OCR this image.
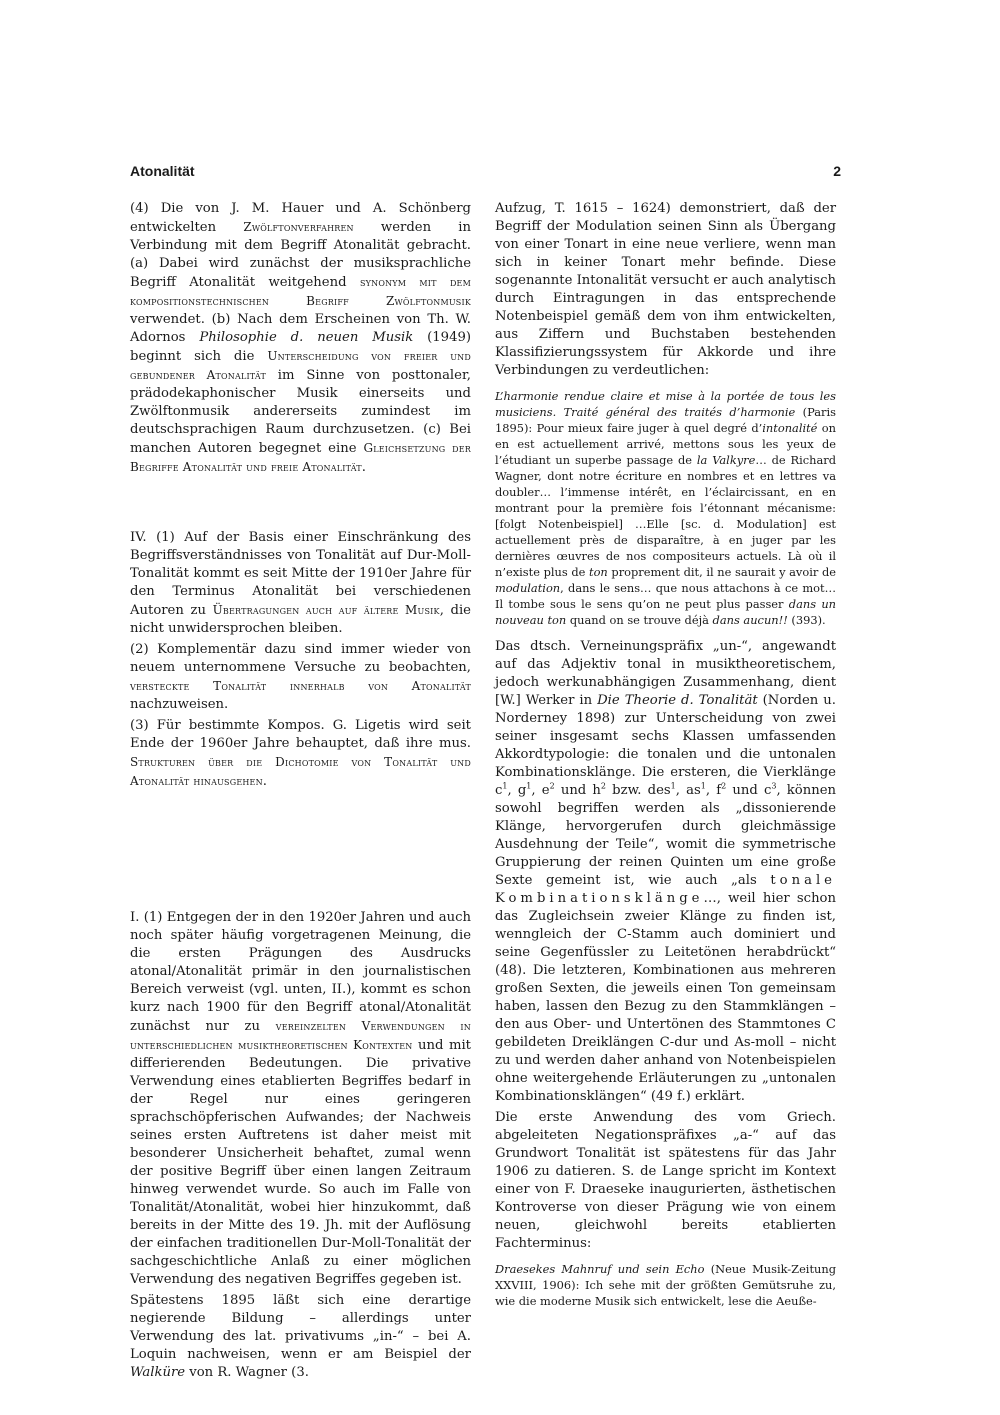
Atonalität	2

(4) Die von J. M. Hauer und A. Schönberg entwickelten Zwölftonverfahren werden in Verbindung mit dem Begriff Atonalität gebracht. (a) Dabei wird zunächst der musiksprachliche Begriff Atonalität weitgehend synonym mit dem kompositionstechnischen Begriff Zwölftonmusik verwendet. (b) Nach dem Erscheinen von Th. W. Adornos Philosophie d. neuen Musik (1949) beginnt sich die Unterscheidung von freier und gebundener Atonalität im Sinne von posttonaler, prädodekaphonischer Musik einerseits und Zwölftonmusik andererseits zumindest im deutschsprachigen Raum durchzusetzen. (c) Bei manchen Autoren begegnet eine Gleichsetzung der Begriffe Atonalität und freie Atonalität.

IV. (1) Auf der Basis einer Einschränkung des Begriffsverständnisses von Tonalität auf Dur-Moll-Tonalität kommt es seit Mitte der 1910er Jahre für den Terminus Atonalität bei verschiedenen Autoren zu Übertragungen auch auf ältere Musik, die nicht unwidersprochen bleiben.

(2) Komplementär dazu sind immer wieder von neuem unternommene Versuche zu beobachten, versteckte Tonalität innerhalb von Atonalität nachzuweisen.

(3) Für bestimmte Kompos. G. Ligetis wird seit Ende der 1960er Jahre behauptet, daß ihre mus. Strukturen über die Dichotomie von Tonalität und Atonalität hinausgehen.

I. (1) Entgegen der in den 1920er Jahren und auch noch später häufig vorgetragenen Meinung, die die ersten Prägungen des Ausdrucks atonal/Atonalität primär in den journalistischen Bereich verweist (vgl. unten, II.), kommt es schon kurz nach 1900 für den Begriff atonal/Atonalität zunächst nur zu vereinzelten Verwendungen in unterschiedlichen musiktheoretischen Kontexten und mit differierenden Bedeutungen. Die privative Verwendung eines etablierten Begriffes bedarf in der Regel nur eines geringeren sprachschöpferischen Aufwandes; der Nachweis seines ersten Auftretens ist daher meist mit besonderer Unsicherheit behaftet, zumal wenn der positive Begriff über einen langen Zeitraum hinweg verwendet wurde. So auch im Falle von Tonalität/Atonalität, wobei hier hinzukommt, daß bereits in der Mitte des 19. Jh. mit der Auflösung der einfachen traditionellen Dur-Moll-Tonalität der sachgeschichtliche Anlaß zu einer möglichen Verwendung des negativen Begriffes gegeben ist.

Spätestens 1895 läßt sich eine derartige negierende Bildung – allerdings unter Verwendung des lat. privativums „in-“ – bei A. Loquin nachweisen, wenn er am Beispiel der Walküre von R. Wagner (3.

Aufzug, T. 1615 – 1624) demonstriert, daß der Begriff der Modulation seinen Sinn als Übergang von einer Tonart in eine neue verliere, wenn man sich in keiner Tonart mehr befinde. Diese sogenannte Intonalität versucht er auch analytisch durch Eintragungen in das entsprechende Notenbeispiel gemäß dem von ihm entwickelten, aus Ziffern und Buchstaben bestehenden Klassifizierungssystem für Akkorde und ihre Verbindungen zu verdeutlichen:

L’harmonie rendue claire et mise à la portée de tous les musiciens. Traité général des traités d’harmonie (Paris 1895): Pour mieux faire juger à quel degré d’intonalité on en est actuellement arrivé, mettons sous les yeux de l’étudiant un superbe passage de la Valkyre… de Richard Wagner, dont notre écriture en nombres et en lettres va doubler… l’immense intérêt, en l’éclaircissant, en en montrant pour la première fois l’étonnant mécanisme: [folgt Notenbeispiel] …Elle [sc. d. Modulation] est actuellement près de disparaître, à en juger par les dernières œuvres de nos compositeurs actuels. Là où il n’existe plus de ton proprement dit, il ne saurait y avoir de modulation, dans le sens… que nous attachons à ce mot… Il tombe sous le sens qu’on ne peut plus passer dans un nouveau ton quand on se trouve déjà dans aucun!! (393).

Das dtsch. Verneinungspräfix „un-“, angewandt auf das Adjektiv tonal in musiktheoretischem, jedoch werkunabhängigen Zusammenhang, dient [W.] Werker in Die Theorie d. Tonalität (Norden u. Norderney 1898) zur Unterscheidung von zwei seiner insgesamt sechs Klassen umfassenden Akkordtypologie: die tonalen und die untonalen Kombinationsklänge. Die ersteren, die Vierklänge $c^1$, $g^1$, $e^2$ und $h^2$ bzw. des$^1$, $as^1$, $f^2$ und $c^3$, können sowohl begriffen werden als „dissonierende Klänge, hervorgerufen durch gleichmässige Ausdehnung der Teile“, womit die symmetrische Gruppierung der reinen Quinten um eine große Sexte gemeint ist, wie auch „als tonale Kombinationsklänge…, weil hier schon das Zugleichsein zweier Klänge zu finden ist, wenngleich der C-Stamm auch dominiert und seine Gegenfüssler zu Leitetönen herabdrückt“ (48). Die letzteren, Kombinationen aus mehreren großen Sexten, die jeweils einen Ton gemeinsam haben, lassen den Bezug zu den Stammklängen – den aus Ober- und Untertönen des Stammtones C gebildeten Dreiklängen C-dur und As-moll – nicht zu und werden daher anhand von Notenbeispielen ohne weitergehende Erläuterungen zu „untonalen Kombinationsklängen“ (49 f.) erklärt.

Die erste Anwendung des vom Griech. abgeleiteten Negationspräfixes „a-“ auf das Grundwort Tonalität ist spätestens für das Jahr 1906 zu datieren. S. de Lange spricht im Kontext einer von F. Draeseke inaugurierten, ästhetischen Kontroverse von dieser Prägung wie von einem neuen, gleichwohl bereits etablierten Fachterminus:

Draesekes Mahnruf und sein Echo (Neue Musik-Zeitung XXVIII, 1906): Ich sehe mit der größten Gemütsruhe zu, wie die moderne Musik sich entwickelt, lese die Aeuße-
